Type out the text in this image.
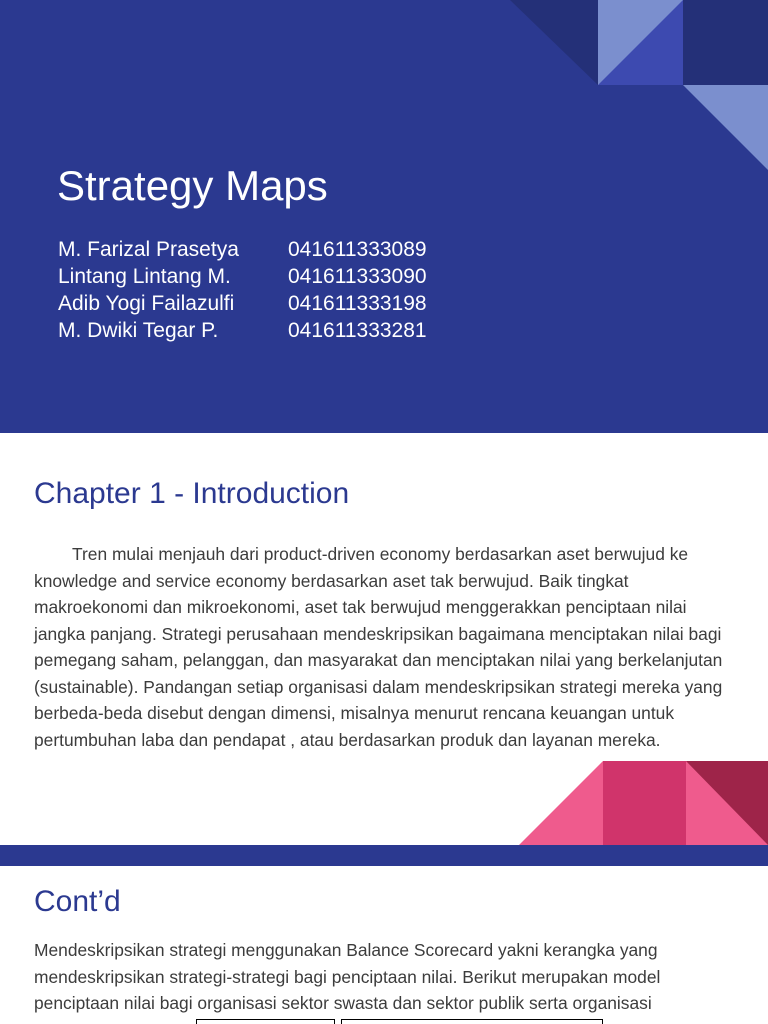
Strategy Maps
M. Farizal Prasetya	041611333089
Lintang Lintang M.	041611333090
Adib Yogi Failazulfi	041611333198
M. Dwiki Tegar P.	041611333281
Chapter 1 - Introduction

Tren mulai menjauh dari product-driven economy berdasarkan aset berwujud ke knowledge and service economy berdasarkan aset tak berwujud. Baik tingkat makroekonomi dan mikroekonomi, aset tak berwujud menggerakkan penciptaan nilai jangka panjang. Strategi perusahaan mendeskripsikan bagaimana menciptakan nilai bagi pemegang saham, pelanggan, dan masyarakat dan menciptakan nilai yang berkelanjutan (sustainable). Pandangan setiap organisasi dalam mendeskripsikan strategi mereka yang berbeda-beda disebut dengan dimensi, misalnya menurut rencana keuangan untuk pertumbuhan laba dan pendapat , atau berdasarkan produk dan layanan mereka.

Cont’d

Mendeskripsikan strategi menggunakan Balance Scorecard yakni kerangka yang mendeskripsikan strategi-strategi bagi penciptaan nilai. Berikut merupakan model penciptaan nilai bagi organisasi sektor swasta dan sektor publik serta organisasi
